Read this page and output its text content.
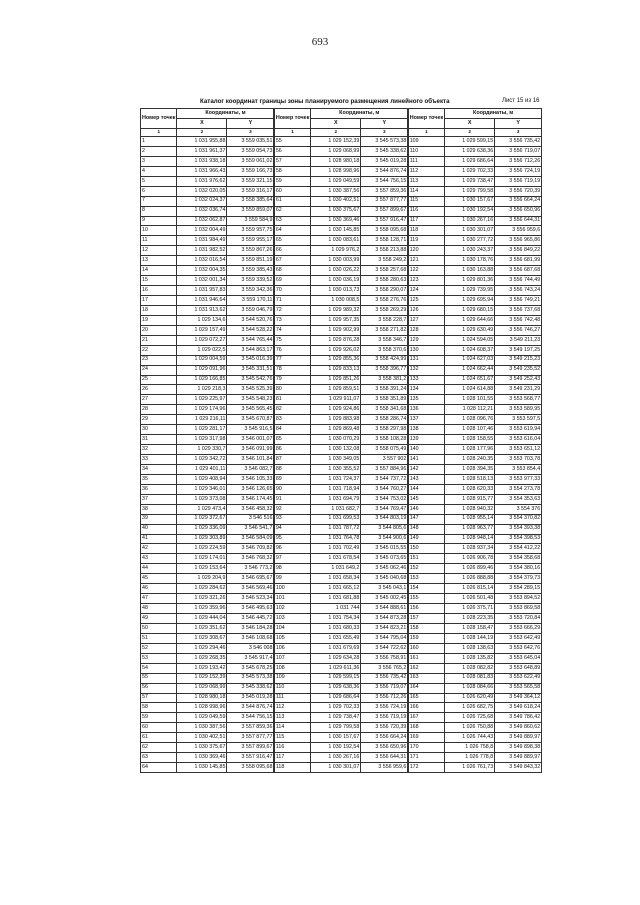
693
Каталог координат границы зоны планируемого размещения линейного объекта	Лист 15 из 16
Номер точек	Координаты, м	
	X	Y
1	2	3
1	1 031 955,88	3 559 035,51
2	1 031 961,37	3 559 054,73
3	1 031 938,18	3 559 061,02
4	1 031 966,43	3 559 166,73
5	1 031 976,62	3 559 321,15
6	1 032 020,05	3 559 316,17
7	1 032 024,37	3 558 385,64
8	1 032 036,74	3 559 859,07
9	1 032 062,87	3 559 584,9
10	1 032 004,49	3 559 957,75
11	1 031 984,49	3 559 955,17
12	1 031 982,52	3 559 867,26
13	1 032 016,54	3 559 851,19
14	1 032 004,35	3 559 385,43
15	1 032 001,34	3 559 339,52
16	1 031 957,83	3 559 342,36
17	1 031 946,64	3 559 170,11
18	1 031 913,62	3 559 046,79
19	1 029 134,6	3 544 520,76
20	1 029 157,49	3 544 528,22
21	1 029 072,27	3 544 765,44
22	1 029 022,5	3 544 863,17
23	1 029 004,59	3 545 016,39
24	1 029 091,96	3 545 331,51
25	1 029 166,85	3 545 542,76
26	1 029 218,3	3 545 525,39
27	1 029 225,97	3 545 548,23
28	1 029 174,96	3 545 565,45
29	1 029 216,11	3 545 670,87
30	1 029 281,17	3 545 916,5
31	1 029 317,98	3 546 001,07
32	1 029 330,7	3 546 091,99
33	1 029 342,72	3 546 101,84
34	1 029 401,11	3 546 082,7
35	1 029 408,94	3 546 105,33
36	1 029 346,01	3 546 126,65
37	1 029 373,08	3 546 174,45
38	1 029 473,4	3 546 458,32
39	1 029 372,67	3 546 516
40	1 029 336,09	3 546 541,7
41	1 029 303,89	3 546 584,09
42	1 029 224,59	3 546 709,82
43	1 029 174,01	3 546 768,32
44	1 029 153,64	3 546 773,2
45	1 029 204,9	3 546 695,67
46	1 029 284,62	3 546 569,46
47	1 029 321,26	3 546 523,34
48	1 029 359,96	3 546 495,63
49	1 029 444,04	3 546 445,72
50	1 029 351,62	3 546 184,28
51	1 029 308,67	3 546 108,68
52	1 029 294,46	3 546 008
53	1 029 268,35	3 545 917,4
54	1 029 193,42	3 545 678,25
55	1 029 152,39	3 545 573,38
56	1 029 068,99	3 545 338,62
57	1 028 980,18	3 545 019,28
58	1 028 998,96	3 544 876,74
59	1 029 049,59	3 544 756,15
60	1 030 387,56	3 557 859,36
61	1 030 402,51	3 557 877,77
62	1 030 375,67	3 557 899,67
63	1 030 369,46	3 557 916,47
64	1 030 145,85	3 558 095,68
Номер точек	Координаты, м	
	X	Y
1	2	3
55	1 029 152,39	3 545 573,38
56	1 029 068,99	3 545 338,62
57	1 028 980,18	3 545 019,28
58	1 028 998,96	3 544 876,74
59	1 029 049,59	3 544 756,15
60	1 030 387,56	3 557 859,36
61	1 030 402,51	3 557 877,77
62	1 030 375,67	3 557 899,67
63	1 030 369,46	3 557 916,47
64	1 030 145,85	3 558 095,68
65	1 030 083,61	3 558 128,71
66	1 029 976,2	3 558 213,88
67	1 030 003,99	3 558 249,2
68	1 030 026,22	3 558 257,68
69	1 030 036,19	3 558 280,63
70	1 030 013,73	3 558 290,07
71	1 030 008,5	3 558 276,76
72	1 029 989,32	3 558 269,29
73	1 029 957,35	3 558 228,7
74	1 029 902,99	3 558 271,82
75	1 029 876,28	3 558 346,7
76	1 029 926,02	3 558 370,6
77	1 029 855,36	3 558 424,99
78	1 029 833,13	3 558 396,77
79	1 029 851,26	3 558 381,2
80	1 029 859,51	3 558 391,24
81	1 029 911,07	3 558 351,89
82	1 029 924,86	3 558 341,68
83	1 029 883,98	3 558 286,74
84	1 029 869,48	3 558 297,98
85	1 030 070,29	3 558 108,28
86	1 030 132,08	3 558 075,49
87	1 030 349,05	3 557 902
88	1 030 355,52	3 557 884,96
89	1 031 724,37	3 544 737,72
90	1 031 718,94	3 544 760,27
91	1 031 694,79	3 544 753,02
92	1 031 682,7	3 544 769,47
93	1 031 699,53	3 544 803,19
94	1 031 787,72	3 544 805,6
95	1 031 764,78	3 544 900,6
96	1 031 702,49	3 545 015,55
97	1 031 678,54	3 545 073,65
98	1 031 649,2	3 545 062,46
99	1 031 658,34	3 545 040,68
100	1 031 665,12	3 545 043,1
101	1 031 681,88	3 545 002,45
102	1 031 744	3 544 888,61
103	1 031 754,34	3 544 873,28
104	1 031 680,33	3 544 823,21
105	1 031 655,49	3 544 795,04
106	1 031 679,69	3 544 722,62
107	1 029 634,28	3 556 758,91
108	1 029 611,36	3 556 765,2
109	1 029 599,15	3 556 735,42
110	1 029 638,36	3 556 719,07
111	1 029 686,64	3 556 712,26
112	1 029 702,33	3 556 724,19
113	1 029 738,47	3 556 719,19
114	1 029 799,58	3 556 720,39
115	1 030 157,67	3 556 664,24
116	1 030 192,54	3 556 650,96
117	1 030 267,16	3 556 644,31
118	1 030 301,07	3 556 959,6
Номер точек	Координаты, м	
	X	Y
1	2	3
109	1 029 599,15	3 556 735,42
110	1 029 638,36	3 556 719,07
111	1 029 686,64	3 556 712,26
112	1 029 702,33	3 556 724,19
113	1 029 738,47	3 556 719,19
114	1 029 799,58	3 556 720,39
115	1 030 157,67	3 556 664,24
116	1 030 192,54	3 556 650,96
117	1 030 267,16	3 556 644,31
118	1 030 301,07	3 556 959,6
119	1 030 277,72	3 556 965,86
120	1 030 243,37	3 556 849,22
121	1 030 178,76	3 556 681,99
122	1 030 163,88	3 556 687,68
123	1 029 801,36	3 556 744,49
124	1 029 739,95	3 556 743,24
125	1 029 695,94	3 556 749,21
126	1 029 680,15	3 556 737,68
127	1 029 644,66	3 556 742,48
128	1 029 630,49	3 556 746,27
129	1 024 594,05	3 549 211,23
130	1 024 608,37	3 549 197,25
131	1 024 627,03	3 549 215,23
132	1 024 662,44	3 549 235,52
133	1 024 651,67	3 549 252,43
134	1 024 614,88	3 549 231,29
135	1 028 101,55	3 553 568,77
136	1 028 112,21	3 553 589,95
137	1 028 096,76	3 553 597,5
138	1 028 107,46	3 553 619,94
139	1 028 158,55	3 553 616,04
140	1 028 177,96	3 553 651,12
141	1 028 240,35	3 553 703,78
142	1 028 394,35	3 553 854,4
143	1 028 518,13	3 553 977,33
144	1 028 620,33	3 554 273,78
145	1 028 915,77	3 554 353,63
146	1 028 940,32	3 554 376
147	1 028 955,14	3 554 370,82
148	1 028 963,77	3 554 393,38
149	1 028 948,14	3 554 398,53
150	1 028 937,34	3 554 412,22
151	1 026 906,78	3 554 358,68
152	1 026 899,46	3 554 380,16
153	1 026 888,88	3 554 379,73
154	1 026 815,14	3 554 289,15
155	1 026 501,48	3 553 894,52
156	1 026 375,71	3 553 869,58
157	1 028 223,35	3 553 720,84
158	1 028 158,47	3 553 666,29
159	1 028 144,19	3 553 642,49
160	1 028 138,63	3 553 642,76
161	1 028 135,82	3 553 645,04
162	1 028 082,82	3 553 648,89
163	1 028 081,83	3 553 622,49
164	1 028 084,66	3 553 565,58
165	1 026 620,49	3 549 364,12
166	1 026 682,75	3 549 618,24
167	1 026 725,68	3 549 786,42
168	1 026 750,88	3 549 860,62
169	1 026 744,43	3 549 889,97
170	1 026 758,8	3 549 898,38
171	1 026 778,8	3 549 889,97
172	1 026 761,73	3 549 843,32
